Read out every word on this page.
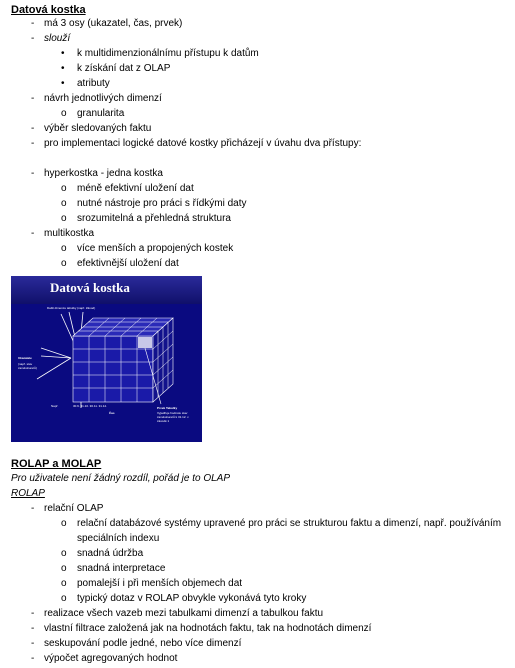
Datová kostka
- má 3 osy (ukazatel, čas, prvek)
- slouží
• k multidimenzionálnímu přístupu k datům
• k získání dat z OLAP
• atributy
- návrh jednotlivých dimenzí
o granularita
- výběr sledovaných faktu
- pro implementaci logické datové kostky přicházejí v úvahu dva přístupy:
- hyperkostka - jedna kostka
o méně efektivní uložení dat
o nutné nástroje pro práci s řídkými daty
o srozumitelná a přehledná struktura
- multikostka
o více menších a propojených kostek
o efektivnější uložení dat
Datová kostka
Další dimenze tabulky (např. Závod)
Ukazatele
(např. stav zaměstnanců)
Např.	30.9. 31.10. 30.11. 31.12.
Čas
Prvek Tabulky
Vyjadřuje hodnotu stav zaměstnanců k 31.12. v závodě 1
ROLAP a MOLAP
Pro uživatele není žádný rozdíl, pořád je to OLAP
ROLAP
- relační OLAP
o relační databázové systémy upravené pro práci se strukturou faktu a dimenzí, např. používáním
speciálních indexu
o snadná údržba
o snadná interpretace
o pomalejší i při menších objemech dat
o typický dotaz v ROLAP obvykle vykonává tyto kroky
- realizace všech vazeb mezi tabulkami dimenzí a tabulkou faktu
- vlastní filtrace založená jak na hodnotách faktu, tak na hodnotách dimenzí
- seskupování podle jedné, nebo více dimenzí
- výpočet agregovaných hodnot
